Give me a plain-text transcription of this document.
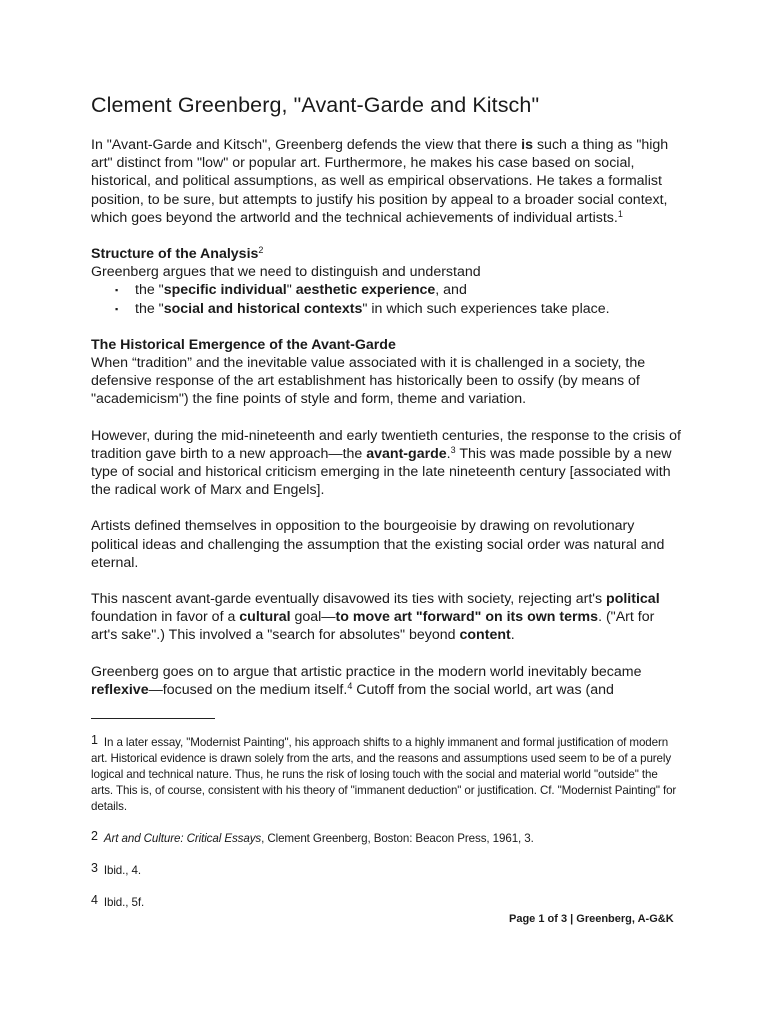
Clement Greenberg, "Avant-Garde and Kitsch"

In "Avant-Garde and Kitsch", Greenberg defends the view that there is such a thing as "high art" distinct from "low" or popular art. Furthermore, he makes his case based on social, historical, and political assumptions, as well as empirical observations. He takes a formalist position, to be sure, but attempts to justify his position by appeal to a broader social context, which goes beyond the artworld and the technical achievements of individual artists.$^1$

Structure of the Analysis$^2$

Greenberg argues that we need to distinguish and understand

▪ the "specific individual" aesthetic experience, and
▪ the "social and historical contexts" in which such experiences take place.

The Historical Emergence of the Avant-Garde

When “tradition” and the inevitable value associated with it is challenged in a society, the defensive response of the art establishment has historically been to ossify (by means of "academicism") the fine points of style and form, theme and variation.

However, during the mid-nineteenth and early twentieth centuries, the response to the crisis of tradition gave birth to a new approach—the avant-garde.$^3$ This was made possible by a new type of social and historical criticism emerging in the late nineteenth century [associated with the radical work of Marx and Engels].

Artists defined themselves in opposition to the bourgeoisie by drawing on revolutionary political ideas and challenging the assumption that the existing social order was natural and eternal.

This nascent avant-garde eventually disavowed its ties with society, rejecting art's political foundation in favor of a cultural goal—to move art "forward" on its own terms. ("Art for art's sake".) This involved a "search for absolutes" beyond content.

Greenberg goes on to argue that artistic practice in the modern world inevitably became reflexive—focused on the medium itself.$^4$ Cutoff from the social world, art was (and

1 In a later essay, "Modernist Painting", his approach shifts to a highly immanent and formal justification of modern art. Historical evidence is drawn solely from the arts, and the reasons and assumptions used seem to be of a purely logical and technical nature. Thus, he runs the risk of losing touch with the social and material world "outside" the arts. This is, of course, consistent with his theory of "immanent deduction" or justification. Cf. "Modernist Painting" for details.

2 Art and Culture: Critical Essays, Clement Greenberg, Boston: Beacon Press, 1961, 3.

3 Ibid., 4.

4 Ibid., 5f.

Page 1 of 3 | Greenberg, A-G&K
